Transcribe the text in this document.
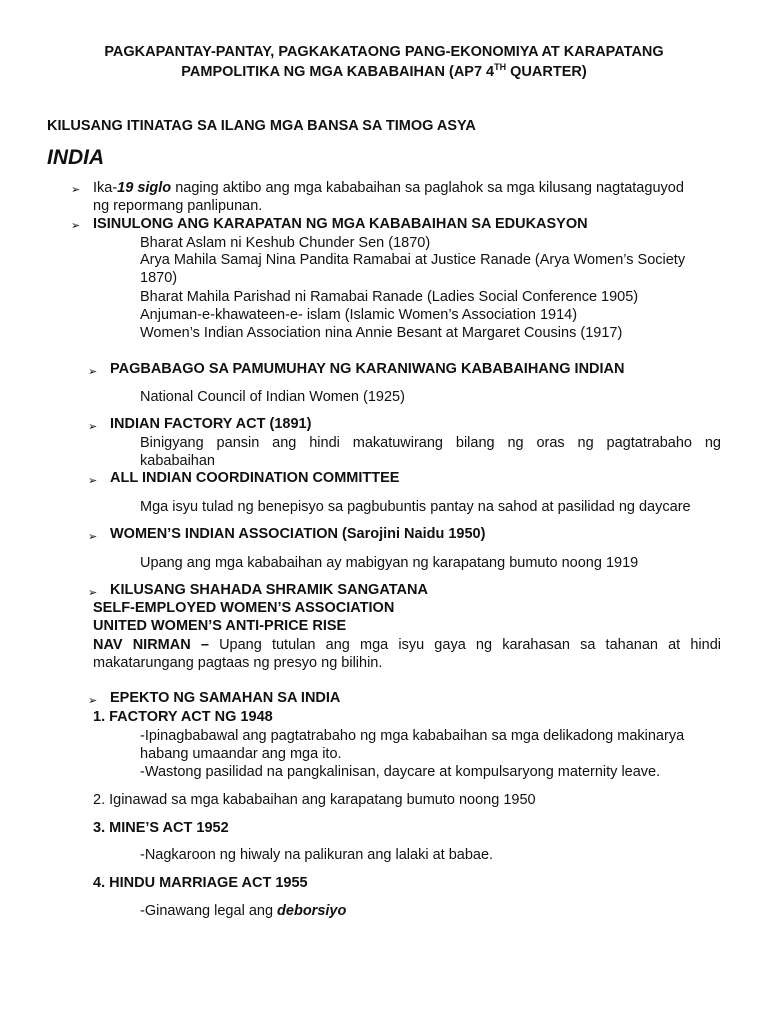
PAGKAPANTAY-PANTAY, PAGKAKATAONG PANG-EKONOMIYA AT KARAPATANG
PAMPOLITIKA NG MGA KABABAIHAN (AP7 4TH QUARTER)
KILUSANG ITINATAG SA ILANG MGA BANSA SA TIMOG ASYA
INDIA
➢ Ika-19 siglo naging aktibo ang mga kababaihan sa paglahok sa mga kilusang nagtataguyod
ng repormang panlipunan.
➢ ISINULONG ANG KARAPATAN NG MGA KABABAIHAN SA EDUKASYON
Bharat Aslam ni Keshub Chunder Sen (1870)
Arya Mahila Samaj Nina Pandita Ramabai at Justice Ranade (Arya Women’s Society
1870)
Bharat Mahila Parishad ni Ramabai Ranade (Ladies Social Conference 1905)
Anjuman-e-khawateen-e- islam (Islamic Women’s Association 1914)
Women’s Indian Association nina Annie Besant at Margaret Cousins (1917)
➢ PAGBABAGO SA PAMUMUHAY NG KARANIWANG KABABAIHANG INDIAN
National Council of Indian Women (1925)
➢ INDIAN FACTORY ACT (1891)
Binigyang pansin ang hindi makatuwirang bilang ng oras ng pagtatrabaho ng
kababaihan
➢ ALL INDIAN COORDINATION COMMITTEE
Mga isyu tulad ng benepisyo sa pagbubuntis pantay na sahod at pasilidad ng daycare
➢ WOMEN’S INDIAN ASSOCIATION (Sarojini Naidu 1950)
Upang ang mga kababaihan ay mabigyan ng karapatang bumuto noong 1919
➢ KILUSANG SHAHADA SHRAMIK SANGATANA
SELF-EMPLOYED WOMEN’S ASSOCIATION
UNITED WOMEN’S ANTI-PRICE RISE
NAV NIRMAN – Upang tutulan ang mga isyu gaya ng karahasan sa tahanan at hindi
makatarungang pagtaas ng presyo ng bilihin.
➢ EPEKTO NG SAMAHAN SA INDIA
1. FACTORY ACT NG 1948
-Ipinagbabawal ang pagtatrabaho ng mga kababaihan sa mga delikadong makinarya
habang umaandar ang mga ito.
-Wastong pasilidad na pangkalinisan, daycare at kompulsaryong maternity leave.
2. Iginawad sa mga kababaihan ang karapatang bumuto noong 1950
3. MINE’S ACT 1952
-Nagkaroon ng hiwaly na palikuran ang lalaki at babae.
4. HINDU MARRIAGE ACT 1955
-Ginawang legal ang deborsiyo
